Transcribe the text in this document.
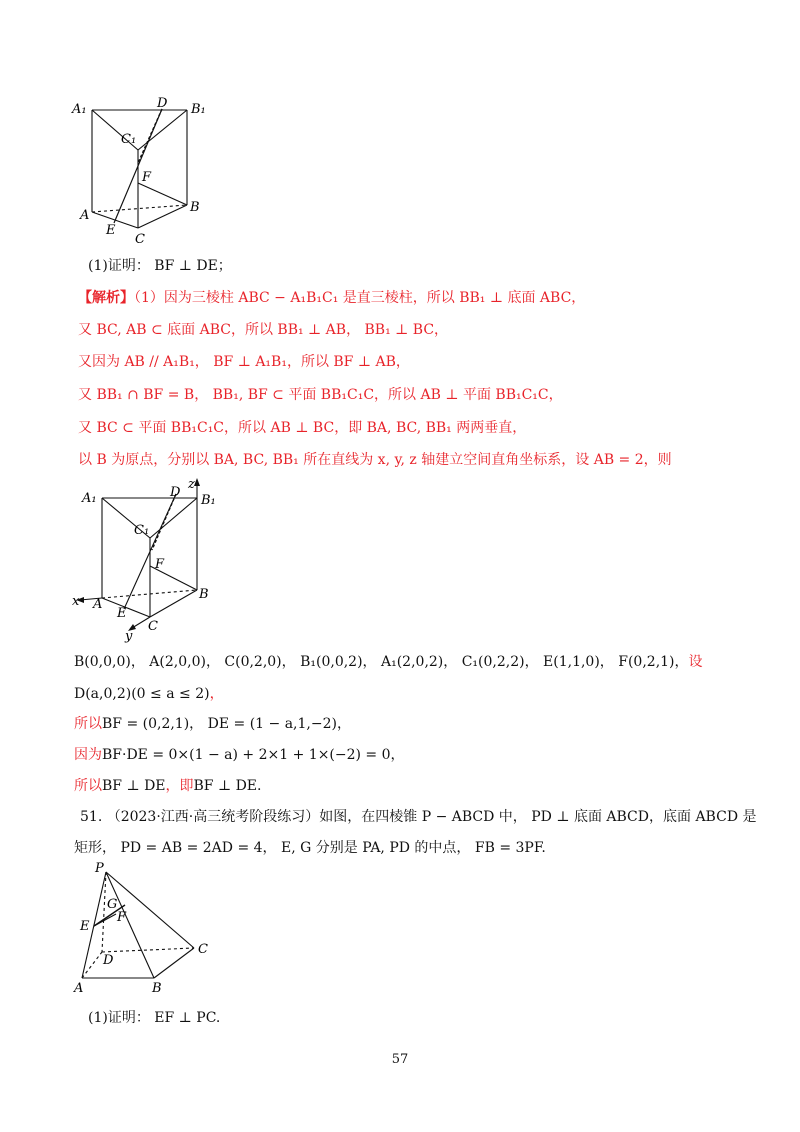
A₁	D B₁
C₁
F
A
B
E
C
(1)证明： BF ⊥ DE；
【解析】（1）因为三棱柱 ABC − A₁B₁C₁ 是直三棱柱，所以 BB₁ ⊥ 底面 ABC，
又 BC, AB ⊂ 底面 ABC，所以 BB₁ ⊥ AB， BB₁ ⊥ BC，
又因为 AB // A₁B₁， BF ⊥ A₁B₁，所以 BF ⊥ AB，
又 BB₁ ∩ BF = B， BB₁, BF ⊂ 平面 BB₁C₁C，所以 AB ⊥ 平面 BB₁C₁C，
又 BC ⊂ 平面 BB₁C₁C，所以 AB ⊥ BC，即 BA, BC, BB₁ 两两垂直，
以 B 为原点，分别以 BA, BC, BB₁ 所在直线为 x, y, z 轴建立空间直角坐标系，设 AB = 2，则
z
A₁	D
B₁
C₁
F
x A
E
B
y
C
B(0,0,0)， A(2,0,0)， C(0,2,0)， B₁(0,0,2)， A₁(2,0,2)， C₁(0,2,2)， E(1,1,0)， F(0,2,1)，设
D(a,0,2)(0 ≤ a ≤ 2)，
所以BF = (0,2,1)， DE = (1 − a,1,−2)，
因为BF·DE = 0×(1 − a) + 2×1 + 1×(−2) = 0，
所以BF ⊥ DE，即BF ⊥ DE.
51. （2023·江西·高三统考阶段练习）如图，在四棱锥 P − ABCD 中， PD ⊥ 底面 ABCD，底面 ABCD 是
矩形， PD = AB = 2AD = 4， E, G 分别是 PA, PD 的中点， FB = 3PF.
P
G
F
E
D
C
A	B
(1)证明： EF ⊥ PC.
57
